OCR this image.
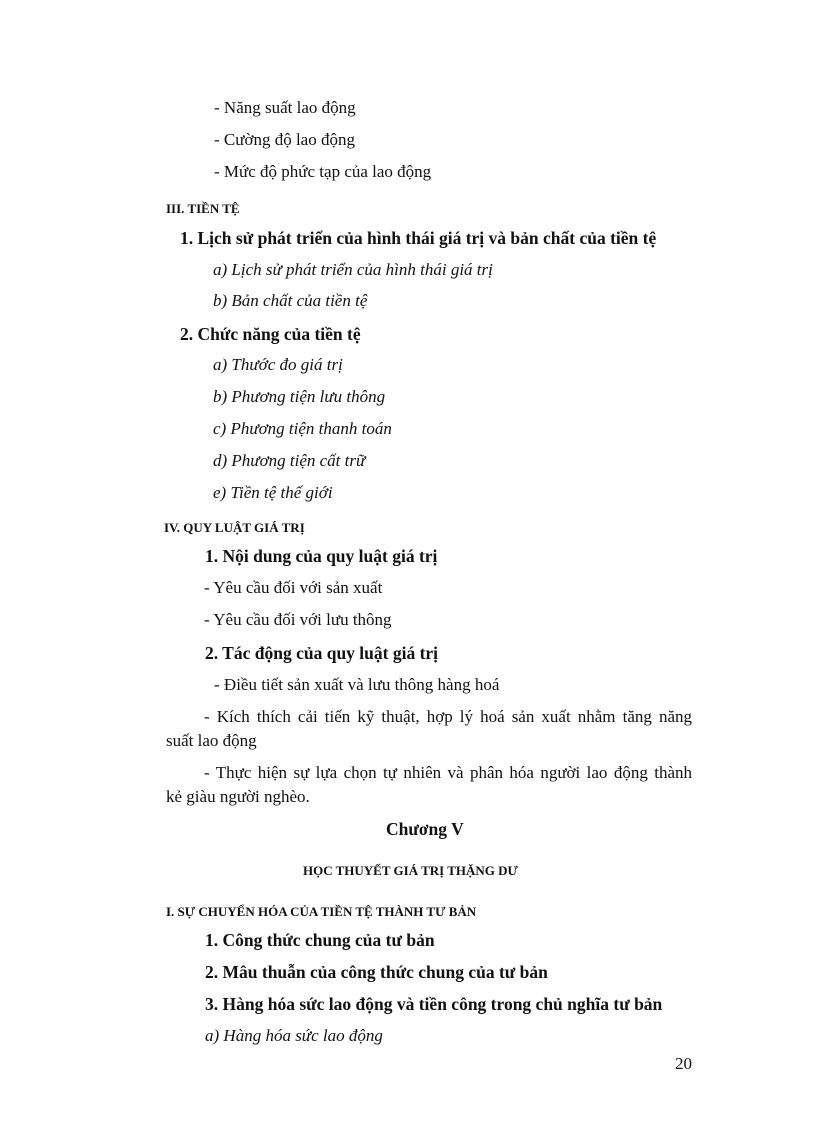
- Năng suất lao động
- Cường độ lao động
- Mức độ phức tạp của lao động
III. TIỀN TỆ
1. Lịch sử phát triển của hình thái giá trị và bản chất của tiền tệ
a) Lịch sử phát triển của hình thái giá trị
b) Bản chất của tiền tệ
2. Chức năng của tiền tệ
a) Thước đo giá trị
b) Phương tiện lưu thông
c) Phương tiện thanh toán
d) Phương tiện cất trữ
e) Tiền tệ thế giới
IV. QUY LUẬT GIÁ TRỊ
1. Nội dung của quy luật giá trị
- Yêu cầu đối với sản xuất
- Yêu cầu đối với lưu thông
2. Tác động của quy luật giá trị
- Điều tiết sản xuất và lưu thông hàng hoá
- Kích thích cải tiến kỹ thuật, hợp lý hoá sản xuất nhằm tăng năng
suất lao động
- Thực hiện sự lựa chọn tự nhiên và phân hóa người lao động thành
kẻ giàu người nghèo.
Chương V
HỌC THUYẾT GIÁ TRỊ THẶNG DƯ
I. SỰ CHUYỂN HÓA CỦA TIỀN TỆ THÀNH TƯ BẢN
1. Công thức chung của tư bản
2. Mâu thuẫn của công thức chung của tư bản
3. Hàng hóa sức lao động và tiền công trong chủ nghĩa tư bản
a) Hàng hóa sức lao động
20
